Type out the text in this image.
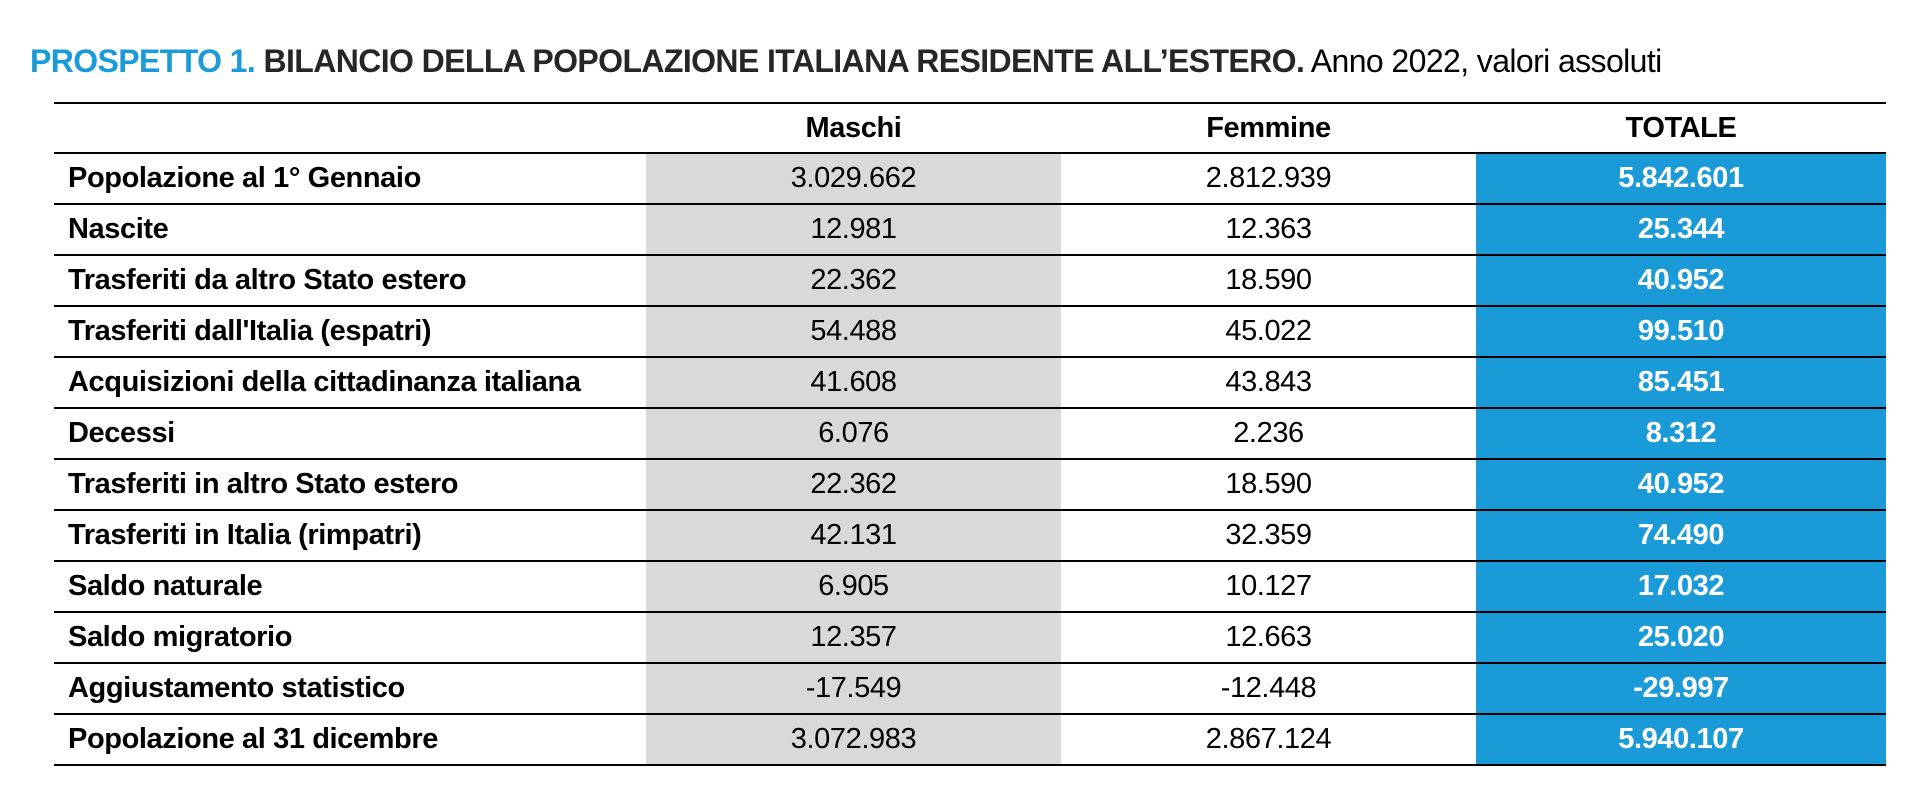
PROSPETTO 1. BILANCIO DELLA POPOLAZIONE ITALIANA RESIDENTE ALL’ESTERO. Anno 2022, valori assoluti
	Maschi	Femmine	TOTALE
Popolazione al 1° Gennaio	3.029.662	2.812.939	5.842.601
Nascite	12.981	12.363	25.344
Trasferiti da altro Stato estero	22.362	18.590	40.952
Trasferiti dall'Italia (espatri)	54.488	45.022	99.510
Acquisizioni della cittadinanza italiana	41.608	43.843	85.451
Decessi	6.076	2.236	8.312
Trasferiti in altro Stato estero	22.362	18.590	40.952
Trasferiti in Italia (rimpatri)	42.131	32.359	74.490
Saldo naturale	6.905	10.127	17.032
Saldo migratorio	12.357	12.663	25.020
Aggiustamento statistico	-17.549	-12.448	-29.997
Popolazione al 31 dicembre	3.072.983	2.867.124	5.940.107
